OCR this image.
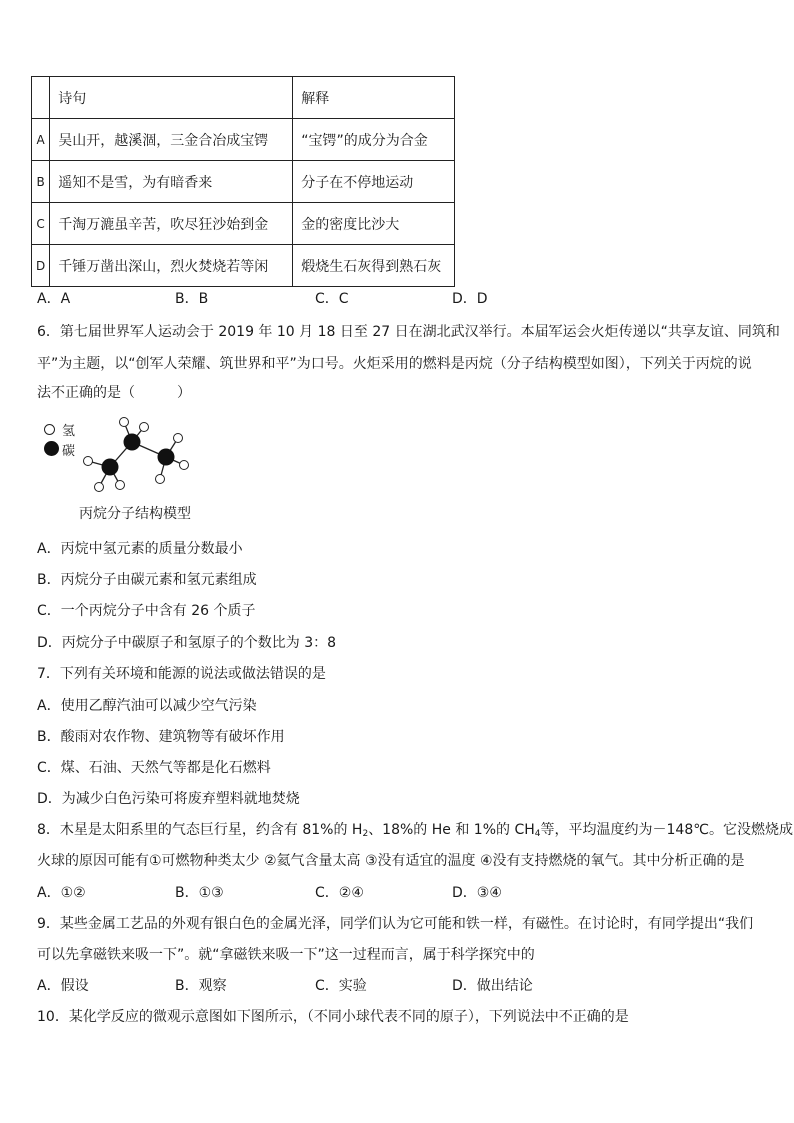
	诗句	解释
A	吴山开，越溪涸，三金合冶成宝锷	“宝锷”的成分为合金
B	遥知不是雪，为有暗香来	分子在不停地运动
C	千淘万漉虽辛苦，吹尽狂沙始到金	金的密度比沙大
D	千锤万凿出深山，烈火焚烧若等闲	煅烧生石灰得到熟石灰
A．A	B．B	C．C	D．D
6．第七届世界军人运动会于 2019 年 10 月 18 日至 27 日在湖北武汉举行。本届军运会火炬传递以“共享友谊、同筑和
平”为主题，以“创军人荣耀、筑世界和平”为口号。火炬采用的燃料是丙烷（分子结构模型如图），下列关于丙烷的说
法不正确的是（　　　）
氢
碳
丙烷分子结构模型
A．丙烷中氢元素的质量分数最小
B．丙烷分子由碳元素和氢元素组成
C．一个丙烷分子中含有 26 个质子
D．丙烷分子中碳原子和氢原子的个数比为 3：8
7．下列有关环境和能源的说法或做法错误的是
A．使用乙醇汽油可以减少空气污染
B．酸雨对农作物、建筑物等有破坏作用
C．煤、石油、天然气等都是化石燃料
D．为减少白色污染可将废弃塑料就地焚烧
8．木星是太阳系里的气态巨行星，约含有 81%的 $H_2$、18%的 He 和 1%的 $CH_4$等，平均温度约为－148℃。它没燃烧成
火球的原因可能有①可燃物种类太少 ②氦气含量太高 ③没有适宜的温度 ④没有支持燃烧的氧气。其中分析正确的是
A．①②	B．①③	C．②④	D．③④
9．某些金属工艺品的外观有银白色的金属光泽，同学们认为它可能和铁一样，有磁性。在讨论时，有同学提出“我们
可以先拿磁铁来吸一下”。就“拿磁铁来吸一下”这一过程而言，属于科学探究中的
A．假设	B．观察	C．实验	D．做出结论
10．某化学反应的微观示意图如下图所示，（不同小球代表不同的原子），下列说法中不正确的是
